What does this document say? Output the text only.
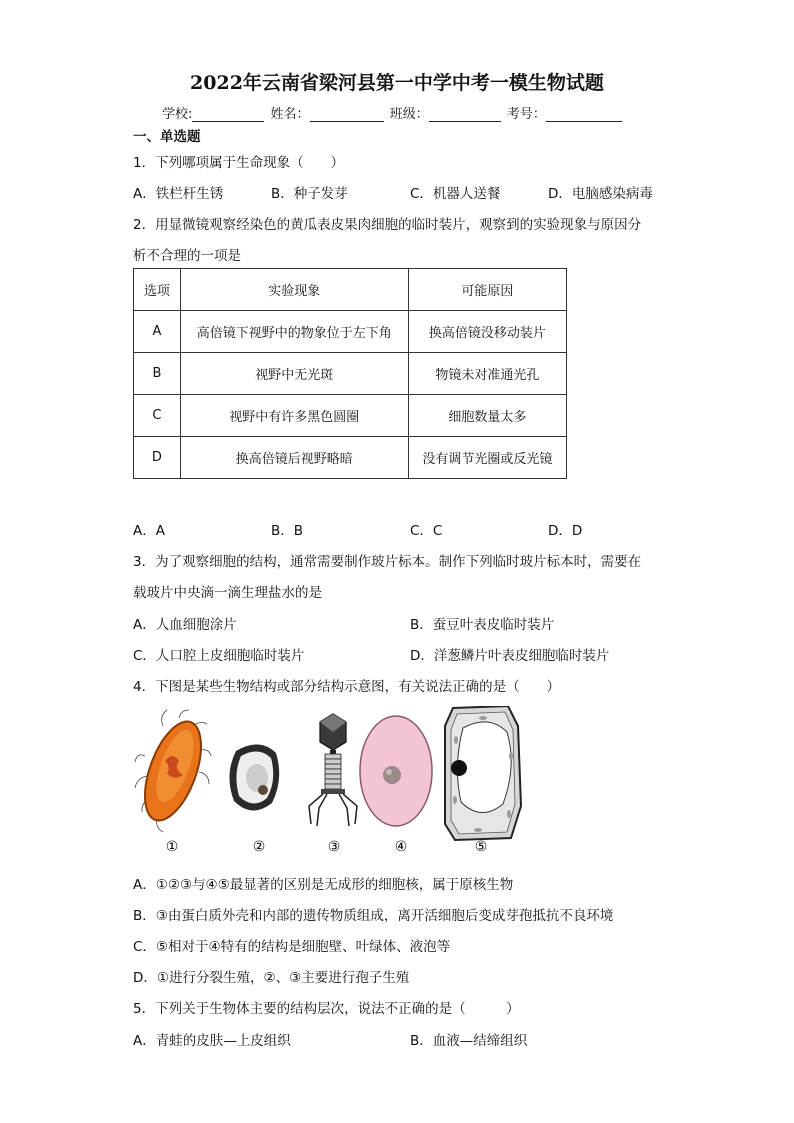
2022年云南省梁河县第一中学中考一模生物试题
学校:	姓名：	班级：	考号：
一、单选题
1．下列哪项属于生命现象（　　）
A．铁栏杆生锈	B．种子发芽	C．机器人送餐	D．电脑感染病毒
2．用显微镜观察经染色的黄瓜表皮果肉细胞的临时装片，观察到的实验现象与原因分
析不合理的一项是
选项	实验现象	可能原因
A	高倍镜下视野中的物象位于左下角	换高倍镜没移动装片
B	视野中无光斑	物镜未对准通光孔
C	视野中有许多黑色圆圈	细胞数量太多
D	换高倍镜后视野略暗	没有调节光圈或反光镜
A．A	B．B	C．C	D．D
3．为了观察细胞的结构，通常需要制作玻片标本。制作下列临时玻片标本时，需要在
载玻片中央滴一滴生理盐水的是
A．人血细胞涂片	B．蚕豆叶表皮临时装片
C．人口腔上皮细胞临时装片	D．洋葱鳞片叶表皮细胞临时装片
4．下图是某些生物结构或部分结构示意图，有关说法正确的是（　　）
①	②	③	④	⑤
A．①②③与④⑤最显著的区别是无成形的细胞核，属于原核生物
B．③由蛋白质外壳和内部的遗传物质组成，离开活细胞后变成芽孢抵抗不良环境
C．⑤相对于④特有的结构是细胞壁、叶绿体、液泡等
D．①进行分裂生殖，②、③主要进行孢子生殖
5．下列关于生物体主要的结构层次，说法不正确的是（　　　）
A．青蛙的皮肤—上皮组织	B．血液—结缔组织
